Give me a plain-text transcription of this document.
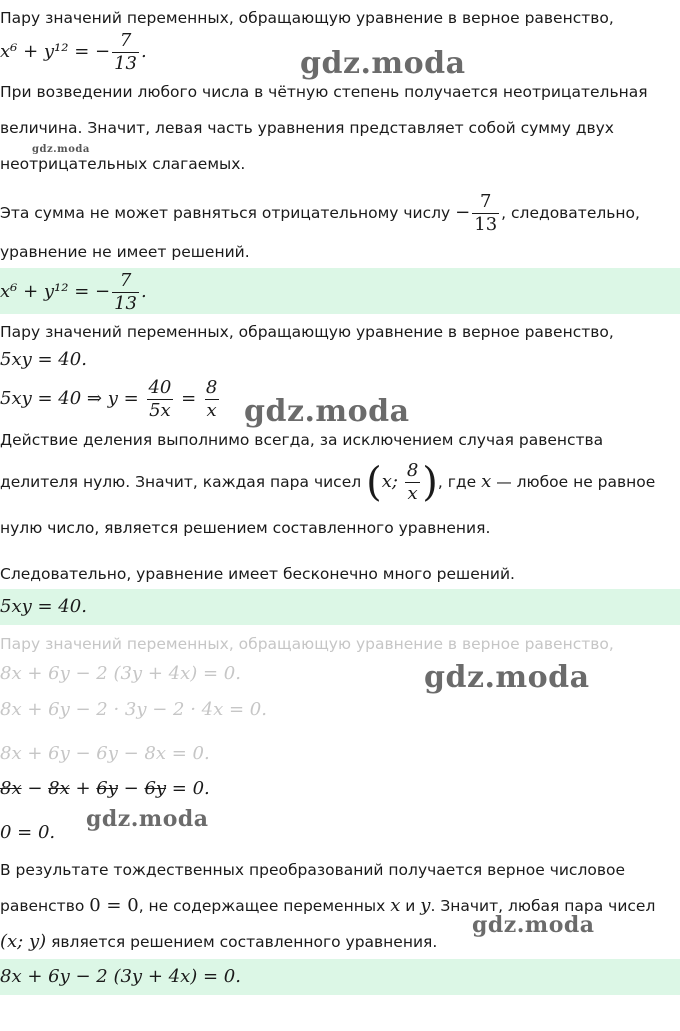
Пару значений переменных, обращающую уравнение в верное равенство,
x⁶ + y¹² = − $\frac{7}{13}$ .
При возведении любого числа в чётную степень получается неотрицательная
величина. Значит, левая часть уравнения представляет собой сумму двух
неотрицательных слагаемых.
Эта сумма не может равняться отрицательному числу − $\frac{7}{13}$ , следовательно,
уравнение не имеет решений.
x⁶ + y¹² = − $\frac{7}{13}$ .
Пару значений переменных, обращающую уравнение в верное равенство,
5xy = 40.
5xy = 40 ⇒ $y = \frac{40}{5x} = \frac{8}{x}$
Действие деления выполнимо всегда, за исключением случая равенства
делителя нулю. Значит, каждая пара чисел (x; $\frac{8}{x}$ ), где x — любое не равное
нулю число, является решением составленного уравнения.
Следовательно, уравнение имеет бесконечно много решений.
5xy = 40.
Пару значений переменных, обращающую уравнение в верное равенство,
8x + 6y − 2 (3y + 4x) = 0.
8x + 6y − 2 · 3y − 2 · 4x = 0.
8x + 6y − 6y − 8x = 0.
8x − 8x + 6y − 6y = 0.
0 = 0.
В результате тождественных преобразований получается верное числовое
равенство 0 = 0, не содержащее переменных x и y. Значит, любая пара чисел
(x; y) является решением составленного уравнения.
8x + 6y − 2 (3y + 4x) = 0.
gdz.moda
gdz.moda
gdz.moda
gdz.moda
gdz.moda
gdz.moda
